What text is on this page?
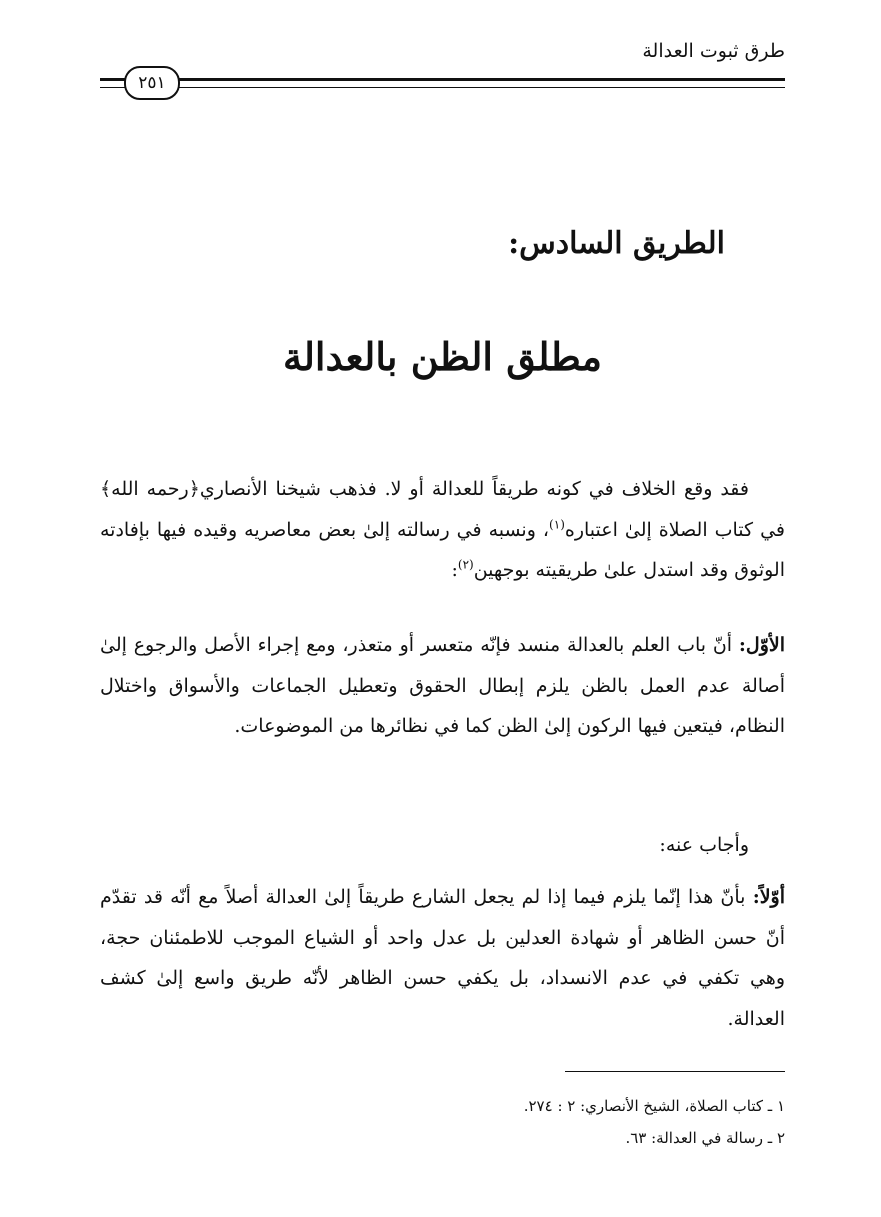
طرق ثبوت العدالة
٢٥١
الطريق السادس:
مطلق الظن بالعدالة

فقد وقع الخلاف في كونه طريقاً للعدالة أو لا. فذهب شيخنا الأنصاري﴿رحمه الله﴾ في كتاب الصلاة إلىٰ اعتباره$^{(١)}$، ونسبه في رسالته إلىٰ بعض معاصريه وقيده فيها بإفادته الوثوق وقد استدل علىٰ طريقيته بوجهين$^{(٢)}$:

الأوّل: أنّ باب العلم بالعدالة منسد فإنّه متعسر أو متعذر، ومع إجراء الأصل والرجوع إلىٰ أصالة عدم العمل بالظن يلزم إبطال الحقوق وتعطيل الجماعات والأسواق واختلال النظام، فيتعين فيها الركون إلىٰ الظن كما في نظائرها من الموضوعات.

وأجاب عنه:

أوّلاً: بأنّ هذا إنّما يلزم فيما إذا لم يجعل الشارع طريقاً إلىٰ العدالة أصلاً مع أنّه قد تقدّم أنّ حسن الظاهر أو شهادة العدلين بل عدل واحد أو الشياع الموجب للاطمئنان حجة، وهي تكفي في عدم الانسداد، بل يكفي حسن الظاهر لأنّه طريق واسع إلىٰ كشف العدالة.

١ ـ كتاب الصلاة، الشيخ الأنصاري: ٢ : ٢٧٤.
٢ ـ رسالة في العدالة: ٦٣.
